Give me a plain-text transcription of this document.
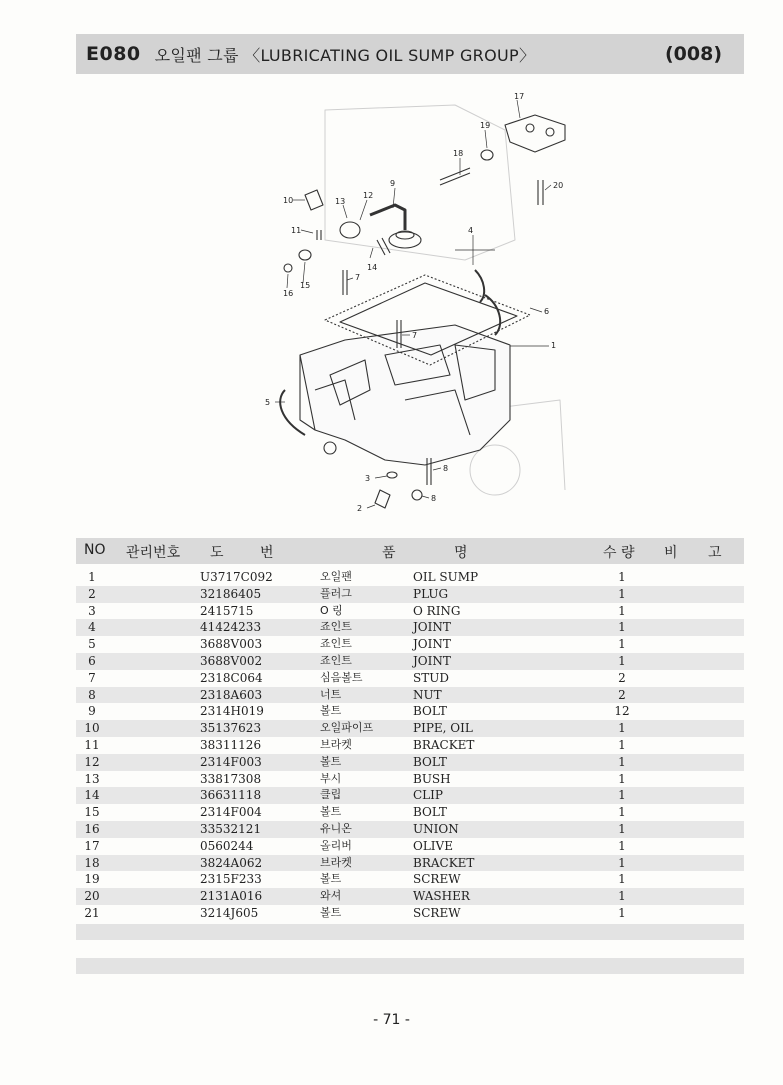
E080 오일팬 그룹 〈LUBRICATING OIL SUMP GROUP〉	(008)
17
19
18
20
9
10
11
12
13
14
15
16
4
6
1
5
7
7
8
8
3
2
NO 관리번호 도	번	품	명	수 량 비 고
1	U3717C092	오일팬	OIL SUMP	1
2	32186405	플러그	PLUG	1
3	2415715	O 링	O RING	1
4	41424233	죠인트	JOINT	1
5	3688V003	죠인트	JOINT	1
6	3688V002	죠인트	JOINT	1
7	2318C064	심음볼트	STUD	2
8	2318A603	너트	NUT	2
9	2314H019	볼트	BOLT	12
10	35137623	오일파이프	PIPE, OIL	1
11	38311126	브라켓	BRACKET	1
12	2314F003	볼트	BOLT	1
13	33817308	부시	BUSH	1
14	36631118	클립	CLIP	1
15	2314F004	볼트	BOLT	1
16	33532121	유니온	UNION	1
17	0560244	올리버	OLIVE	1
18	3824A062	브라켓	BRACKET	1
19	2315F233	볼트	SCREW	1
20	2131A016	와셔	WASHER	1
21	3214J605	볼트	SCREW	1
- 71 -
